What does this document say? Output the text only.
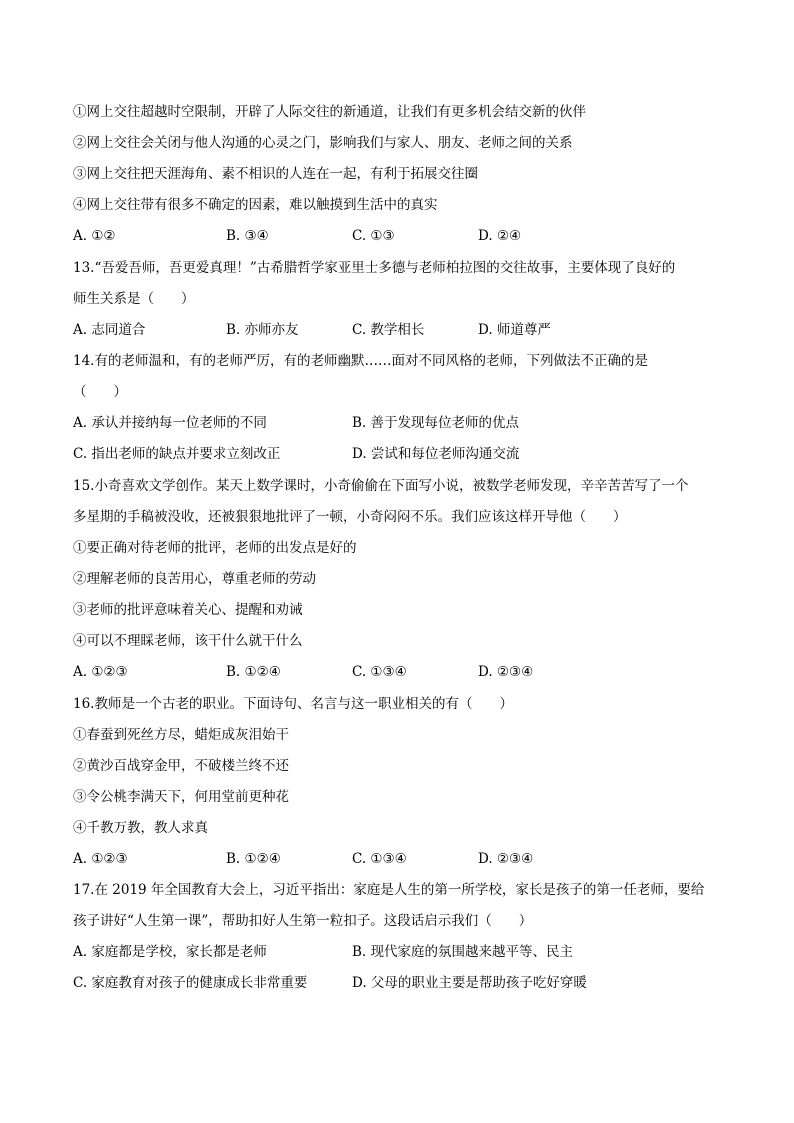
①网上交往超越时空限制，开辟了人际交往的新通道，让我们有更多机会结交新的伙伴
②网上交往会关闭与他人沟通的心灵之门，影响我们与家人、朋友、老师之间的关系
③网上交往把天涯海角、素不相识的人连在一起，有利于拓展交往圈
④网上交往带有很多不确定的因素，难以触摸到生活中的真实
A. ①②	B. ③④	C. ①③	D. ②④
13.“吾爱吾师，吾更爱真理！”古希腊哲学家亚里士多德与老师柏拉图的交往故事，主要体现了良好的
师生关系是（　　）
A. 志同道合	B. 亦师亦友	C. 教学相长	D. 师道尊严
14.有的老师温和，有的老师严厉，有的老师幽默……面对不同风格的老师，下列做法不正确的是
（　　）
A. 承认并接纳每一位老师的不同	B. 善于发现每位老师的优点
C. 指出老师的缺点并要求立刻改正	D. 尝试和每位老师沟通交流
15.小奇喜欢文学创作。某天上数学课时，小奇偷偷在下面写小说，被数学老师发现，辛辛苦苦写了一个
多星期的手稿被没收，还被狠狠地批评了一顿，小奇闷闷不乐。我们应该这样开导他（　　）
①要正确对待老师的批评，老师的出发点是好的
②理解老师的良苦用心，尊重老师的劳动
③老师的批评意味着关心、提醒和劝诫
④可以不理睬老师，该干什么就干什么
A. ①②③	B. ①②④	C. ①③④	D. ②③④
16.教师是一个古老的职业。下面诗句、名言与这一职业相关的有（　　）
①春蚕到死丝方尽，蜡炬成灰泪始干
②黄沙百战穿金甲，不破楼兰终不还
③令公桃李满天下，何用堂前更种花
④千教万教，教人求真
A. ①②③	B. ①②④	C. ①③④	D. ②③④
17.在 2019 年全国教育大会上，习近平指出：家庭是人生的第一所学校，家长是孩子的第一任老师，要给
孩子讲好“人生第一课”，帮助扣好人生第一粒扣子。这段话启示我们（　　）
A. 家庭都是学校，家长都是老师	B. 现代家庭的氛围越来越平等、民主
C. 家庭教育对孩子的健康成长非常重要	D. 父母的职业主要是帮助孩子吃好穿暖
